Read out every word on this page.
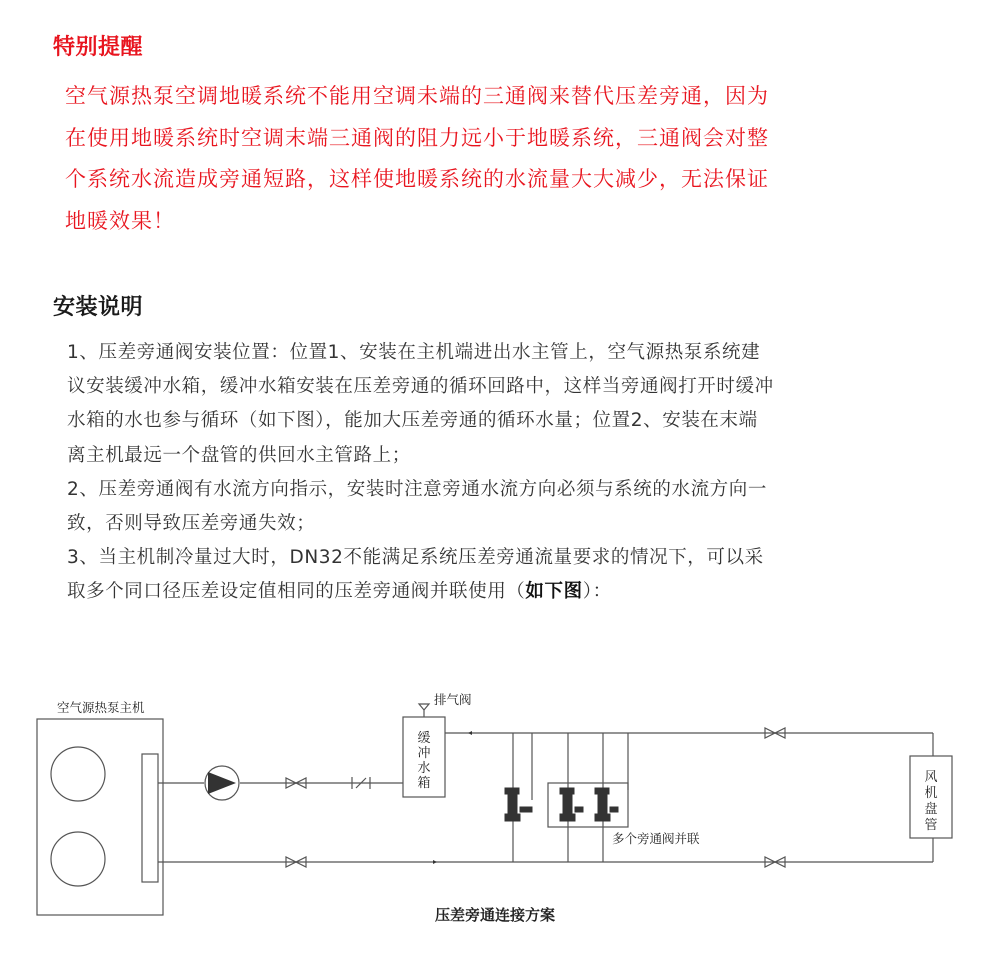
特别提醒

空气源热泵空调地暖系统不能用空调未端的三通阀来替代压差旁通，因为

在使用地暖系统时空调末端三通阀的阻力远小于地暖系统，三通阀会对整

个系统水流造成旁通短路，这样使地暖系统的水流量大大减少，无法保证

地暖效果！

安装说明

1、压差旁通阀安装位置：位置1、安装在主机端进出水主管上，空气源热泵系统建

议安装缓冲水箱，缓冲水箱安装在压差旁通的循环回路中，这样当旁通阀打开时缓冲

水箱的水也参与循环（如下图），能加大压差旁通的循环水量；位置2、安装在末端

离主机最远一个盘管的供回水主管路上；

2、压差旁通阀有水流方向指示，安装时注意旁通水流方向必须与系统的水流方向一

致，否则导致压差旁通失效；

3、当主机制冷量过大时，DN32不能满足系统压差旁通流量要求的情况下，可以采

取多个同口径压差设定值相同的压差旁通阀并联使用（如下图）：

空气源热泵主机
排气阀
缓
冲
水
箱	风
机
盘
管
多个旁通阀并联
压差旁通连接方案
